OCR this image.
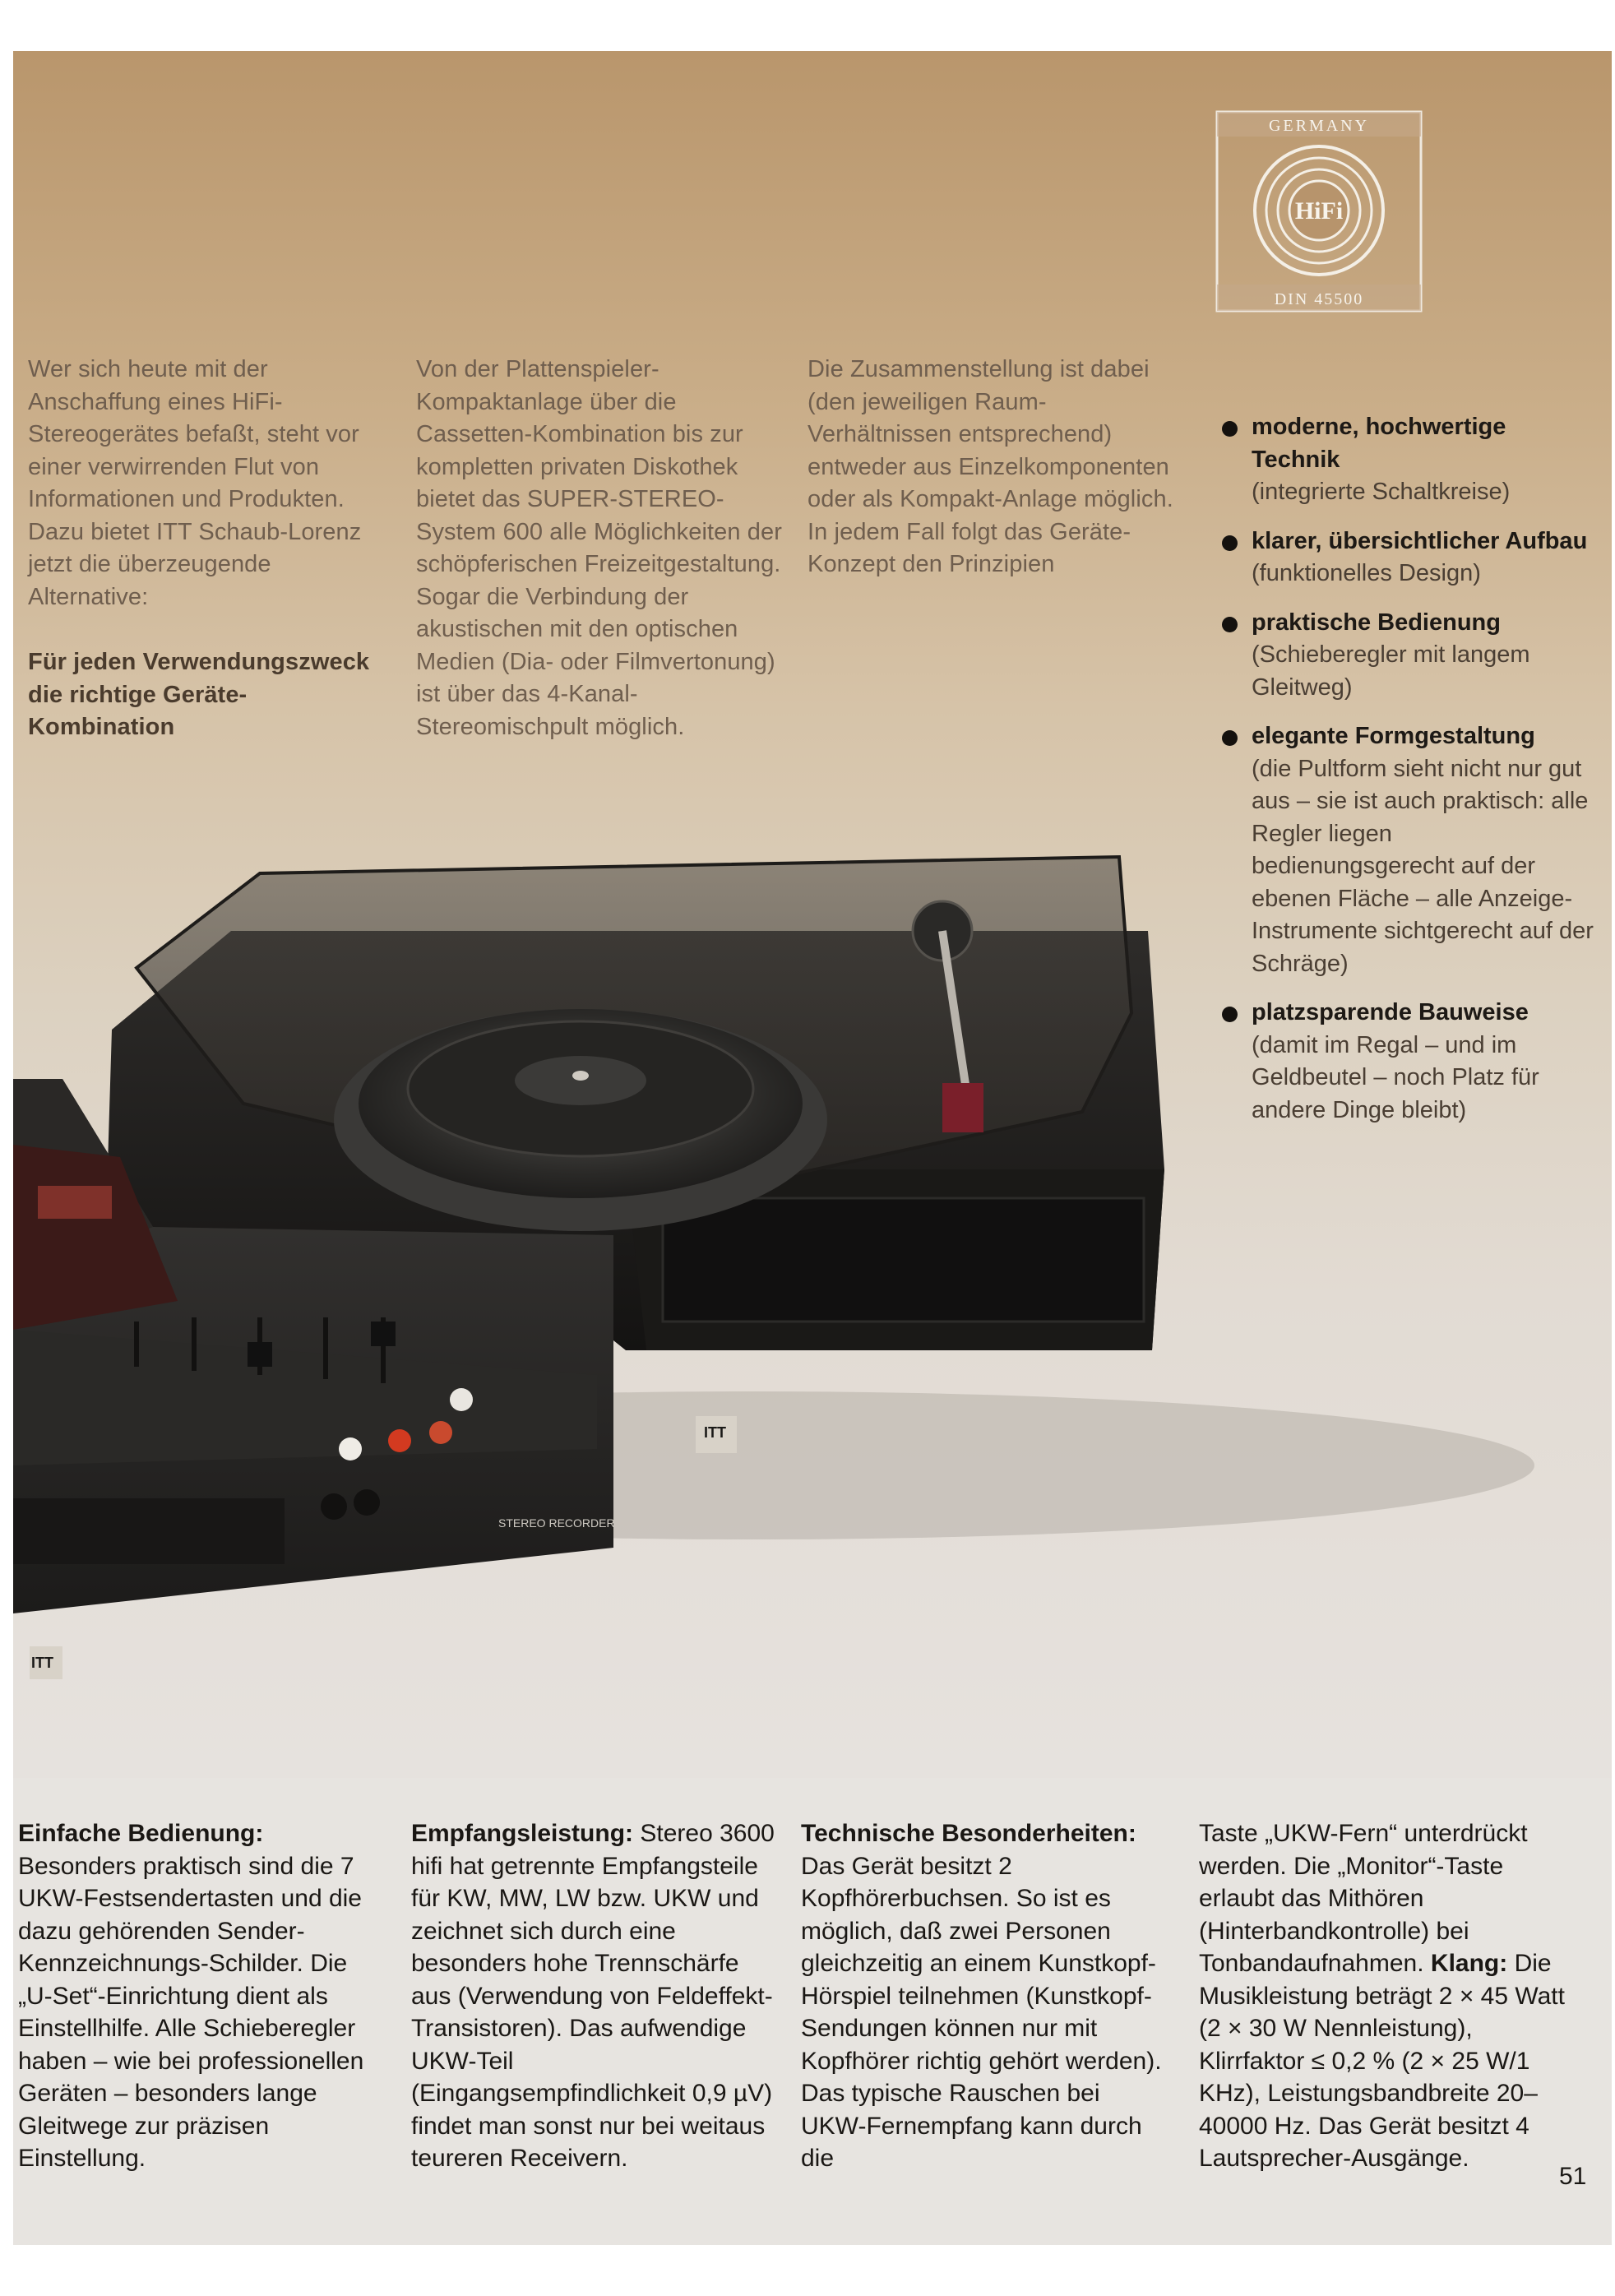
STEREO RECORDER
ITT
ITT
GERMANY
HiFi
DIN 45500

Wer sich heute mit der Anschaffung eines HiFi-Stereogerätes befaßt, steht vor einer verwirrenden Flut von Informationen und Produkten. Dazu bietet ITT Schaub-Lorenz jetzt die überzeugende Alternative:

Für jeden Verwendungszweck die richtige Geräte-Kombination

Von der Plattenspieler-Kompaktanlage über die Cassetten-Kombination bis zur kompletten privaten Diskothek bietet das SUPER-STEREO-System 600 alle Möglichkeiten der schöpferischen Freizeitgestaltung. Sogar die Verbindung der akustischen mit den optischen Medien (Dia- oder Filmvertonung) ist über das 4-Kanal-Stereomischpult möglich.

Die Zusammenstellung ist dabei (den jeweiligen Raum-Verhältnissen entsprechend) entweder aus Einzelkomponenten oder als Kompakt-Anlage möglich. In jedem Fall folgt das Geräte-Konzept den Prinzipien

moderne, hochwertige Technik
(integrierte Schaltkreise)
klarer, übersichtlicher Aufbau
(funktionelles Design)
praktische Bedienung
(Schieberegler mit langem Gleitweg)
elegante Formgestaltung
(die Pultform sieht nicht nur gut aus – sie ist auch praktisch: alle Regler liegen bedienungsgerecht auf der ebenen Fläche – alle Anzeige-Instrumente sichtgerecht auf der Schräge)
platzsparende Bauweise
(damit im Regal – und im Geldbeutel – noch Platz für andere Dinge bleibt)
Einfache Bedienung: Besonders praktisch sind die 7 UKW-Festsendertasten und die dazu gehörenden Sender-Kennzeichnungs-Schilder. Die „U-Set“-Einrichtung dient als Einstellhilfe. Alle Schieberegler haben – wie bei professionellen Geräten – besonders lange Gleitwege zur präzisen Einstellung.
Empfangsleistung: Stereo 3600 hifi hat getrennte Empfangsteile für KW, MW, LW bzw. UKW und zeichnet sich durch eine besonders hohe Trennschärfe aus (Verwendung von Feldeffekt-Transistoren). Das aufwendige UKW-Teil (Eingangsempfindlichkeit 0,9 µV) findet man sonst nur bei weitaus teureren Receivern.
Technische Besonderheiten: Das Gerät besitzt 2 Kopfhörerbuchsen. So ist es möglich, daß zwei Personen gleichzeitig an einem Kunstkopf-Hörspiel teilnehmen (Kunstkopf-Sendungen können nur mit Kopfhörer richtig gehört werden). Das typische Rauschen bei UKW-Fernempfang kann durch die
Taste „UKW-Fern“ unterdrückt werden. Die „Monitor“-Taste erlaubt das Mithören (Hinterbandkontrolle) bei Tonbandaufnahmen. Klang: Die Musikleistung beträgt 2 × 45 Watt (2 × 30 W Nennleistung), Klirrfaktor ≤ 0,2 % (2 × 25 W/1 KHz), Leistungsbandbreite 20–40000 Hz. Das Gerät besitzt 4 Lautsprecher-Ausgänge.
51
